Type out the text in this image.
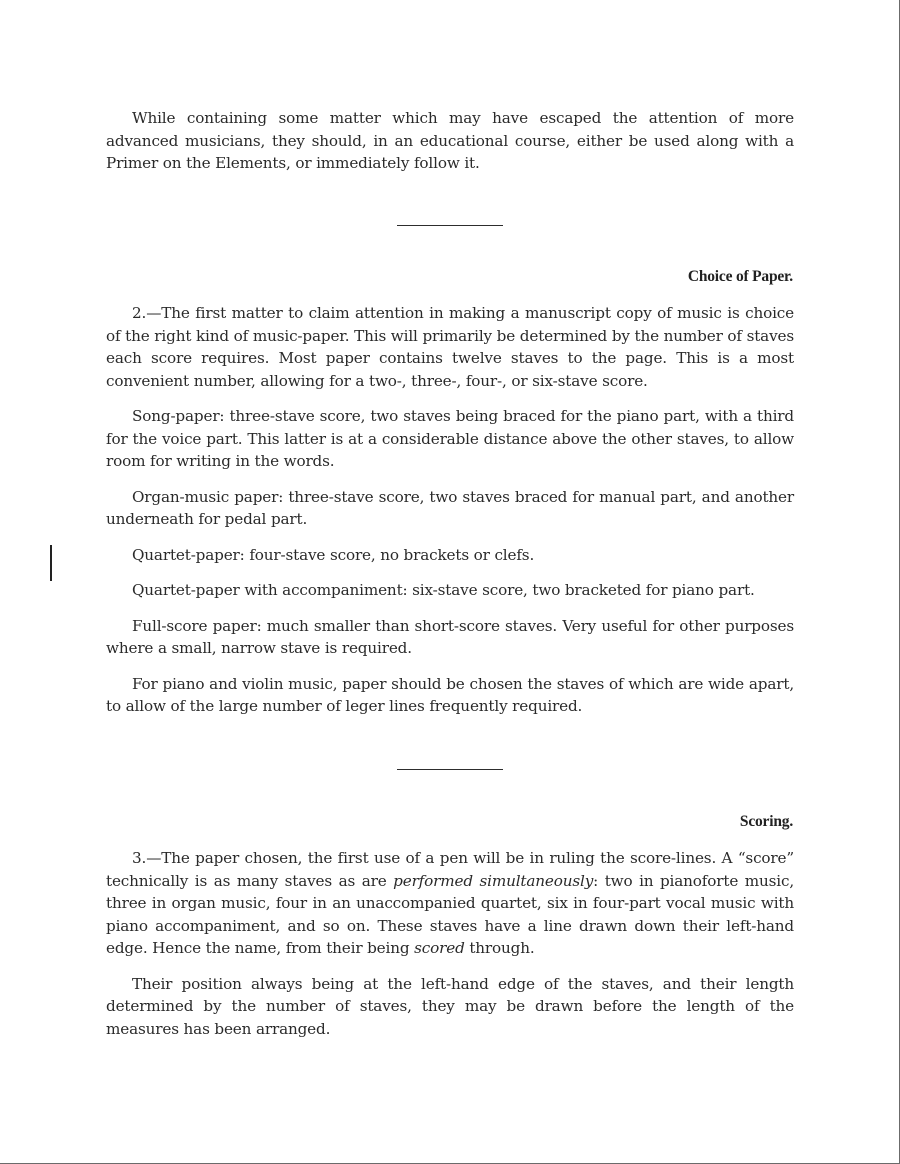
While containing some matter which may have escaped the attention of more advanced musicians, they should, in an educational course, either be used along with a Primer on the Elements, or immediately follow it.

Choice of Paper.

2.—The first matter to claim attention in making a manuscript copy of music is choice of the right kind of music-paper. This will primarily be determined by the number of staves each score requires. Most paper contains twelve staves to the page. This is a most convenient number, allowing for a two-, three-, four-, or six-stave score.

Song-paper: three-stave score, two staves being braced for the piano part, with a third for the voice part. This latter is at a considerable distance above the other staves, to allow room for writing in the words.

Organ-music paper: three-stave score, two staves braced for manual part, and another underneath for pedal part.

Quartet-paper: four-stave score, no brackets or clefs.

Quartet-paper with accompaniment: six-stave score, two bracketed for piano part.

Full-score paper: much smaller than short-score staves. Very useful for other purposes where a small, narrow stave is required.

For piano and violin music, paper should be chosen the staves of which are wide apart, to allow of the large number of leger lines frequently required.

Scoring.

3.—The paper chosen, the first use of a pen will be in ruling the score-lines. A “score” technically is as many staves as are performed simultaneously: two in pianoforte music, three in organ music, four in an unaccompanied quartet, six in four-part vocal music with piano accompaniment, and so on. These staves have a line drawn down their left-hand edge. Hence the name, from their being scored through.

Their position always being at the left-hand edge of the staves, and their length determined by the number of staves, they may be drawn before the length of the measures has been arranged.
